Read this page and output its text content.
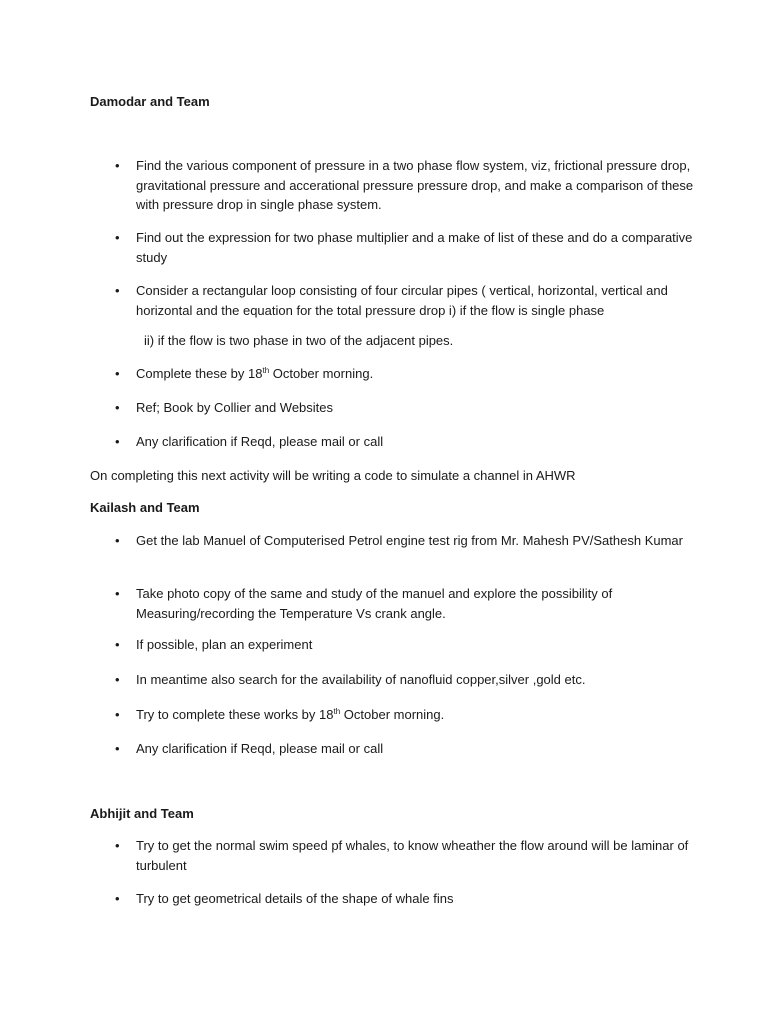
Damodar and Team
• Find the various component of pressure in a two phase flow system, viz, frictional pressure drop, gravitational pressure and accerational pressure pressure drop, and make a comparison of these with pressure drop in single phase system.
• Find out the expression for two phase multiplier and a make of list of these and do a comparative study
• Consider a rectangular loop consisting of four circular pipes ( vertical, horizontal, vertical and horizontal and the equation for the total pressure drop i) if the flow is single phase
ii) if the flow is two phase in two of the adjacent pipes.
• Complete these by 18th October morning.
• Ref; Book by Collier and Websites
• Any clarification if Reqd, please mail or call
On completing this next activity will be writing a code to simulate a channel in AHWR
Kailash and Team
• Get the lab Manuel of Computerised Petrol engine test rig from Mr. Mahesh PV/Sathesh Kumar
• Take photo copy of the same and study of the manuel and explore the possibility of Measuring/recording the Temperature Vs crank angle.
• If possible, plan an experiment
• In meantime also search for the availability of nanofluid copper,silver ,gold etc.
• Try to complete these works by 18th October morning.
• Any clarification if Reqd, please mail or call
Abhijit and Team
• Try to get the normal swim speed pf whales, to know wheather the flow around will be laminar of turbulent
• Try to get geometrical details of the shape of whale fins
